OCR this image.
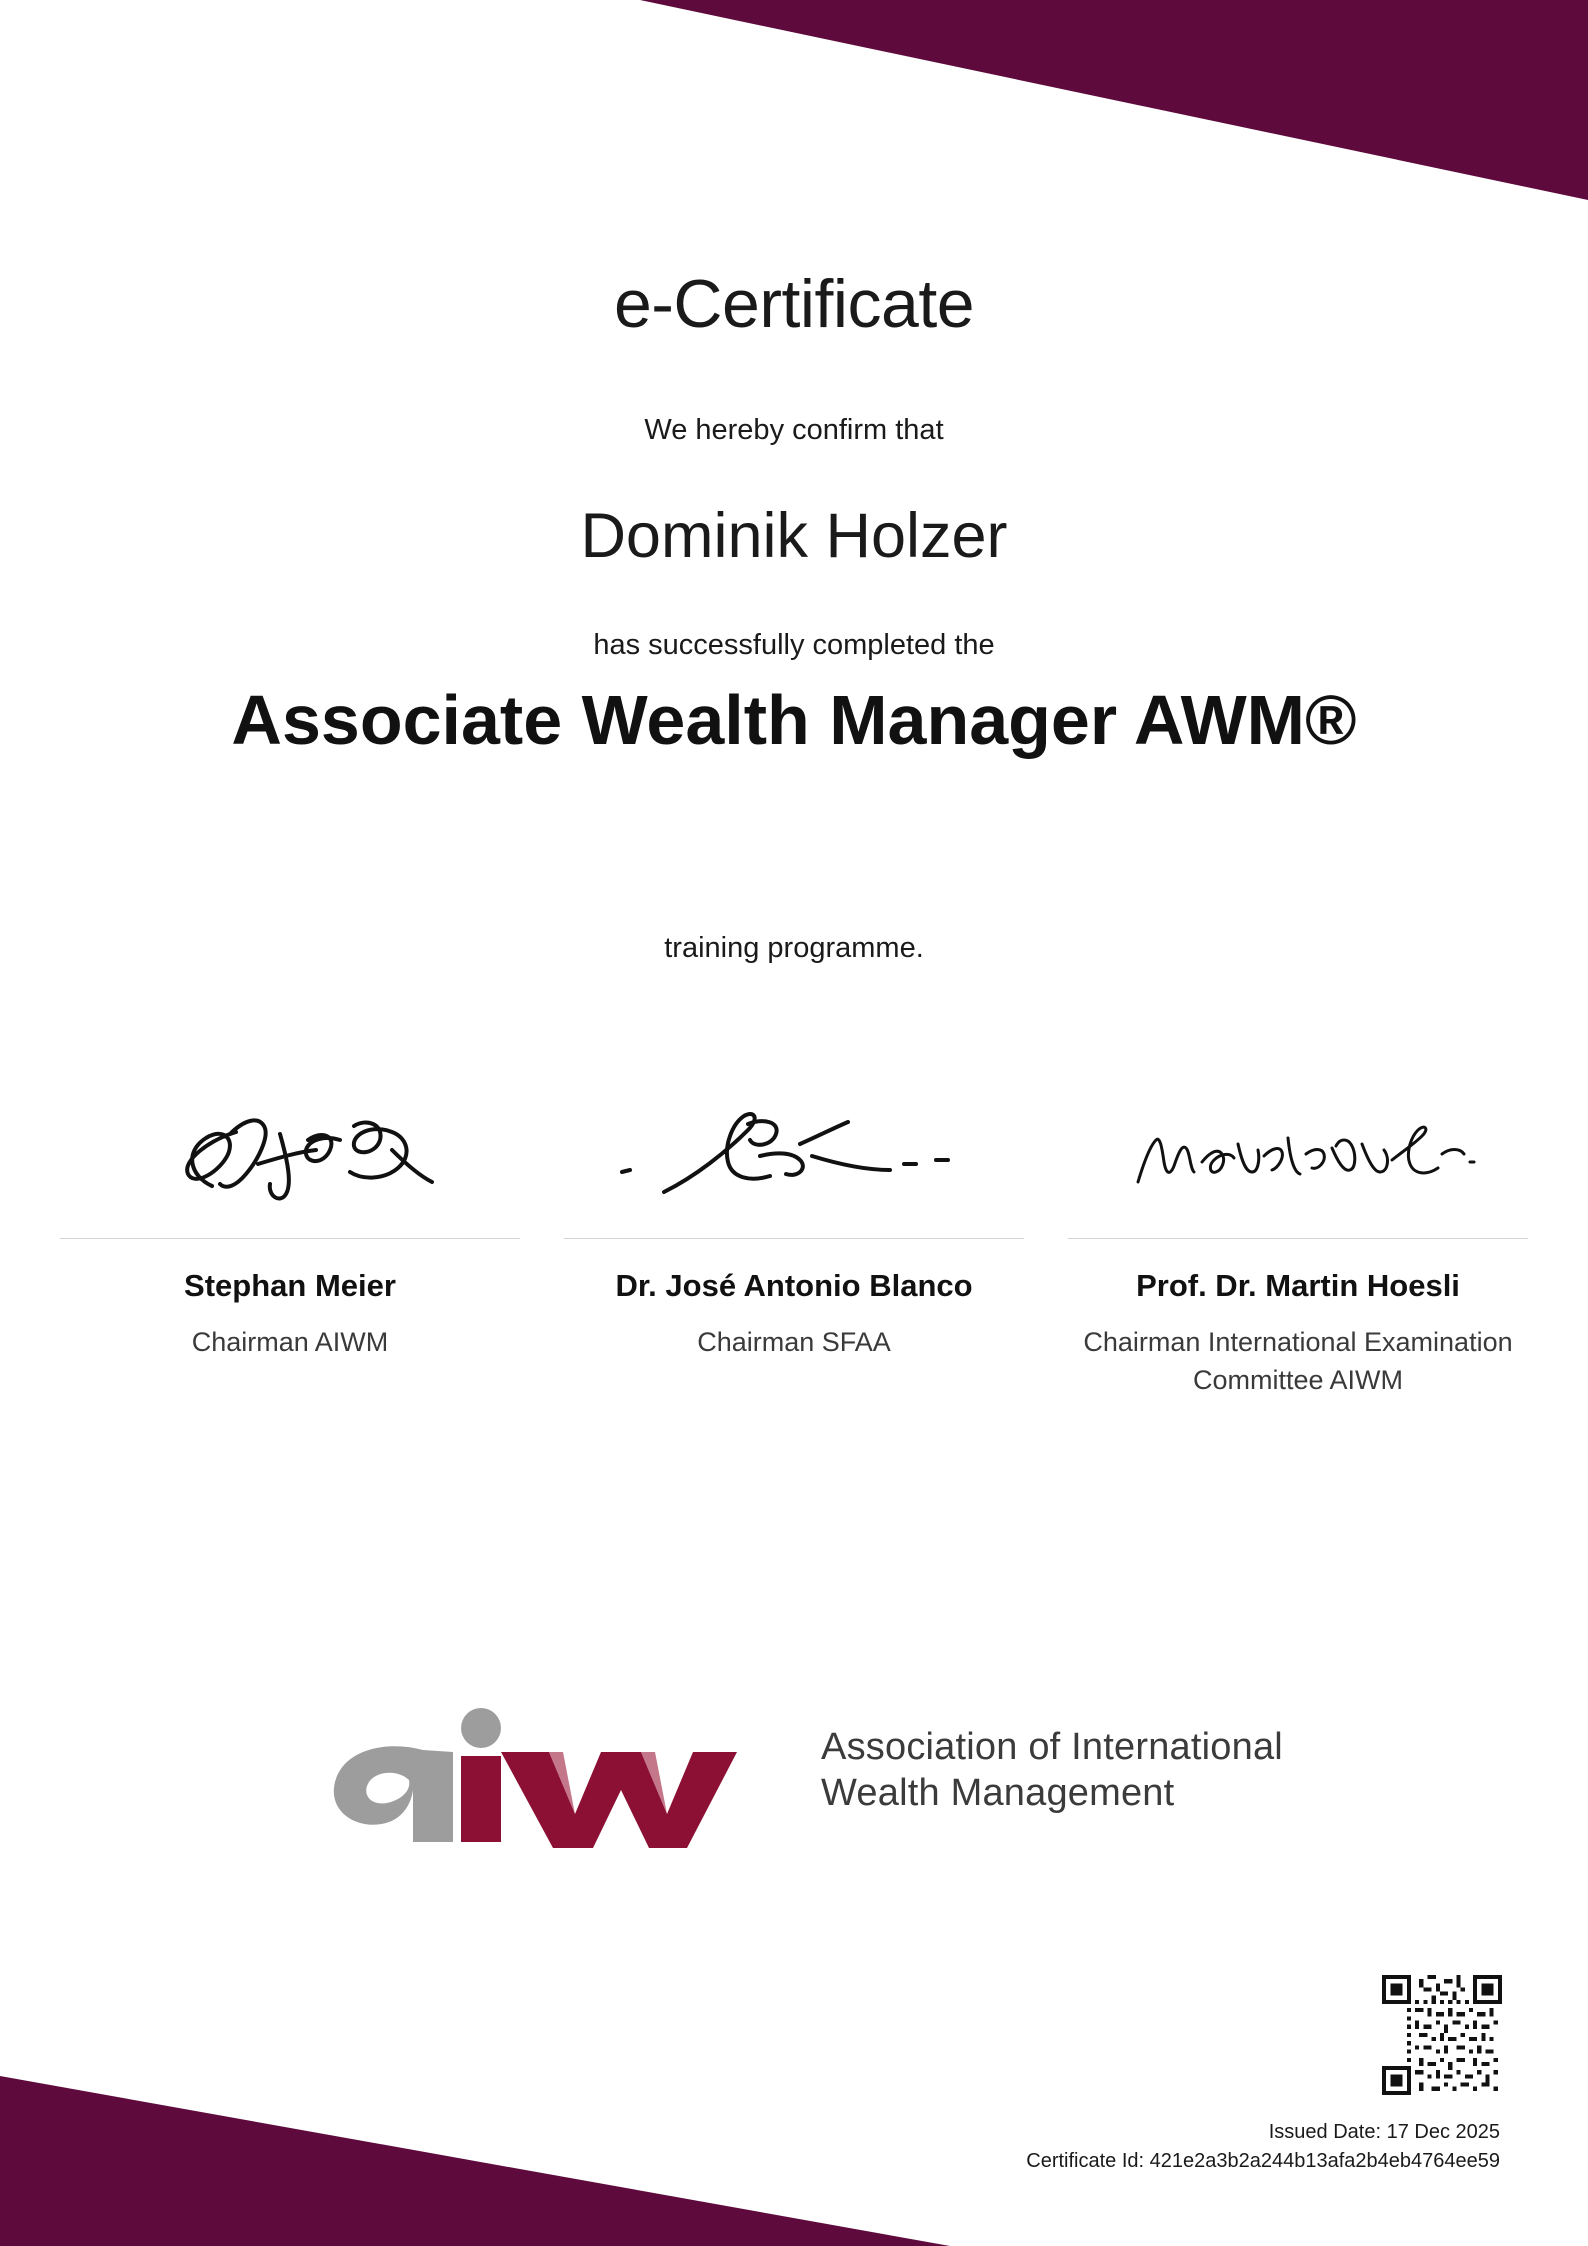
e-Certificate
We hereby confirm that
Dominik Holzer
has successfully completed the
Associate Wealth Manager AWM®
training programme.
Stephan Meier
Chairman AIWM
Dr. José Antonio Blanco
Chairman SFAA
Prof. Dr. Martin Hoesli
Chairman International Examination Committee AIWM
Association of International
Wealth Management
Issued Date: 17 Dec 2025
Certificate Id: 421e2a3b2a244b13afa2b4eb4764ee59
